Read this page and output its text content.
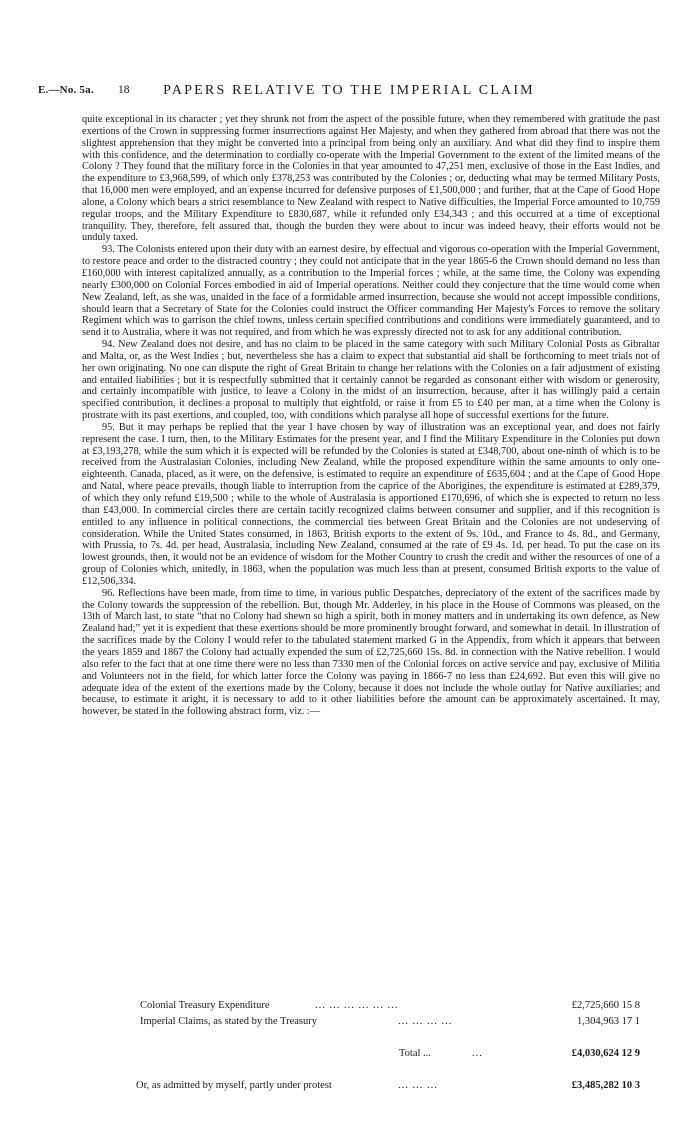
E.—No. 5a. 18	PAPERS RELATIVE TO THE IMPERIAL CLAIM

quite exceptional in its character ; yet they shrunk not from the aspect of the possible future, when they remembered with gratitude the past exertions of the Crown in suppressing former insurrections against Her Majesty, and when they gathered from abroad that there was not the slightest apprehension that they might be converted into a principal from being only an auxiliary. And what did they find to inspire them with this confidence, and the determination to cordially co-operate with the Imperial Government to the extent of the limited means of the Colony ? They found that the military force in the Colonies in that year amounted to 47,251 men, exclusive of those in the East Indies, and the expenditure to £3,968,599, of which only £378,253 was contributed by the Colonies ; or, deducting what may be termed Military Posts, that 16,000 men were employed, and an expense incurred for defensive purposes of £1,500,000 ; and further, that at the Cape of Good Hope alone, a Colony which bears a strict resemblance to New Zealand with respect to Native difficulties, the Imperial Force amounted to 10,759 regular troops, and the Military Expenditure to £830,687, while it refunded only £34,343 ; and this occurred at a time of exceptional tranquility. They, therefore, felt assured that, though the burden they were about to incur was indeed heavy, their efforts would not be unduly taxed.

93. The Colonists entered upon their duty with an earnest desire, by effectual and vigorous co-operation with the Imperial Government, to restore peace and order to the distracted country ; they could not anticipate that in the year 1865-6 the Crown should demand no less than £160,000 with interest capitalized annually, as a contribution to the Imperial forces ; while, at the same time, the Colony was expending nearly £300,000 on Colonial Forces embodied in aid of Imperial operations. Neither could they conjecture that the time would come when New Zealand, left, as she was, unaided in the face of a formidable armed insurrection, because she would not accept impossible conditions, should learn that a Secretary of State for the Colonies could instruct the Officer commanding Her Majesty's Forces to remove the solitary Regiment which was to garrison the chief towns, unless certain specified contributions and conditions were immediately guaranteed, and to send it to Australia, where it was not required, and from which he was expressly directed not to ask for any additional contribution.

94. New Zealand does not desire, and has no claim to be placed in the same category with such Military Colonial Posts as Gibraltar and Malta, or, as the West Indies ; but, nevertheless she has a claim to expect that substantial aid shall be forthcoming to meet trials not of her own originating. No one can dispute the right of Great Britain to change her relations with the Colonies on a fair adjustment of existing and entailed liabilities ; but it is respectfully submitted that it certainly cannot be regarded as consonant either with wisdom or generosity, and certainly incompatible with justice, to leave a Colony in the midst of an insurrection, because, after it has willingly paid a certain specified contribution, it declines a proposal to multiply that eightfold, or raise it from £5 to £40 per man, at a time when the Colony is prostrate with its past exertions, and coupled, too, with conditions which paralyse all hope of successful exertions for the future.

95. But it may perhaps be replied that the year I have chosen by way of illustration was an exceptional year, and does not fairly represent the case. I turn, then, to the Military Estimates for the present year, and I find the Military Expenditure in the Colonies put down at £3,193,278, while the sum which it is expected will be refunded by the Colonies is stated at £348,700, about one-ninth of which is to be received from the Australasian Colonies, including New Zealand, while the proposed expenditure within the same amounts to only one-eighteenth. Canada, placed, as it were, on the defensive, is estimated to require an expenditure of £635,604 ; and at the Cape of Good Hope and Natal, where peace prevails, though liable to interruption from the caprice of the Aborigines, the expenditure is estimated at £289,379, of which they only refund £19,500 ; while to the whole of Australasia is apportioned £170,696, of which she is expected to return no less than £43,000. In commercial circles there are certain tacitly recognized claims between consumer and supplier, and if this recognition is entitled to any influence in political connections, the commercial ties between Great Britain and the Colonies are not undeserving of consideration. While the United States consumed, in 1863, British exports to the extent of 9s. 10d., and France to 4s. 8d., and Germany, with Prussia, to 7s. 4d. per head, Australasia, including New Zealand, consumed at the rate of £9 4s. 1d. per head. To put the case on its lowest grounds, then, it would not be an evidence of wisdom for the Mother Country to crush the credit and wither the resources of one of a group of Colonies which, unitedly, in 1863, when the population was much less than at present, consumed British exports to the value of £12,506,334.

96. Reflections have been made, from time to time, in various public Despatches, depreciatory of the extent of the sacrifices made by the Colony towards the suppression of the rebellion. But, though Mr. Adderley, in his place in the House of Commons was pleased, on the 13th of March last, to state “that no Colony had shewn so high a spirit, both in money matters and in undertaking its own defence, as New Zealand had;” yet it is expedient that these exertions should be more prominently brought forward, and somewhat in detail. In illustration of the sacrifices made by the Colony I would refer to the tabulated statement marked G in the Appendix, from which it appears that between the years 1859 and 1867 the Colony had actually expended the sum of £2,725,660 15s. 8d. in connection with the Native rebellion. I would also refer to the fact that at one time there were no less than 7330 men of the Colonial forces on active service and pay, exclusive of Militia and Volunteers not in the field, for which latter force the Colony was paying in 1866-7 no less than £24,692. But even this will give no adequate idea of the extent of the exertions made by the Colony, because it does not include the whole outlay for Native auxiliaries; and because, to estimate it aright, it is necessary to add to it other liabilities before the amount can be approximately ascertained. It may, however, be stated in the following abstract form, viz. :—

Colonial Treasury Expenditure	... ... ... ... ... ...	£2,725,660 15 8
Imperial Claims, as stated by the Treasury	... ... ... ...	1,304,963 17 1
Total ...	...	£4,030,624 12 9
Or, as admitted by myself, partly under protest	... ... ...	£3,485,282 10 3
